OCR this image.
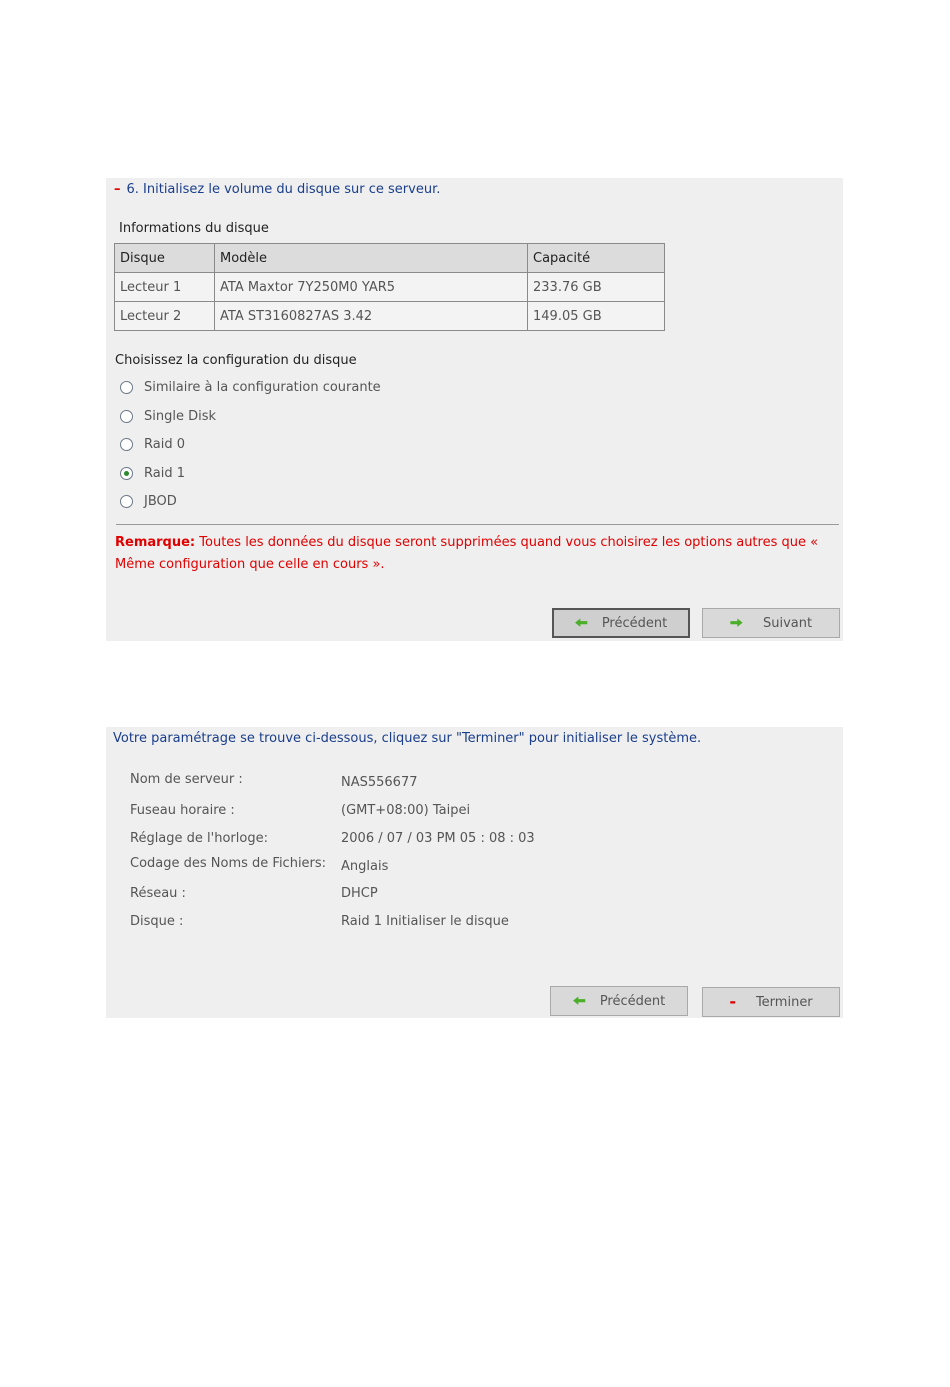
– 6. Initialisez le volume du disque sur ce serveur.
Informations du disque
Disque	Modèle	Capacité
Lecteur 1	ATA Maxtor 7Y250M0 YAR5	233.76 GB
Lecteur 2	ATA ST3160827AS 3.42	149.05 GB
Choisissez la configuration du disque
Similaire à la configuration courante
Single Disk
Raid 0
Raid 1
JBOD
Remarque: Toutes les données du disque seront supprimées quand vous choisirez les options autres que « Même configuration que celle en cours ».
🠨 Précédent	🠪 Suivant
Votre paramétrage se trouve ci-dessous, cliquez sur "Terminer" pour initialiser le système.
Nom de serveur :	NAS556677
Fuseau horaire :	(GMT+08:00) Taipei
Réglage de l'horloge:	2006 / 07 / 03 PM 05 : 08 : 03
Codage des Noms de Fichiers: Anglais
Réseau :	DHCP
Disque :	Raid 1 Initialiser le disque
🠨 Précédent	- Terminer
